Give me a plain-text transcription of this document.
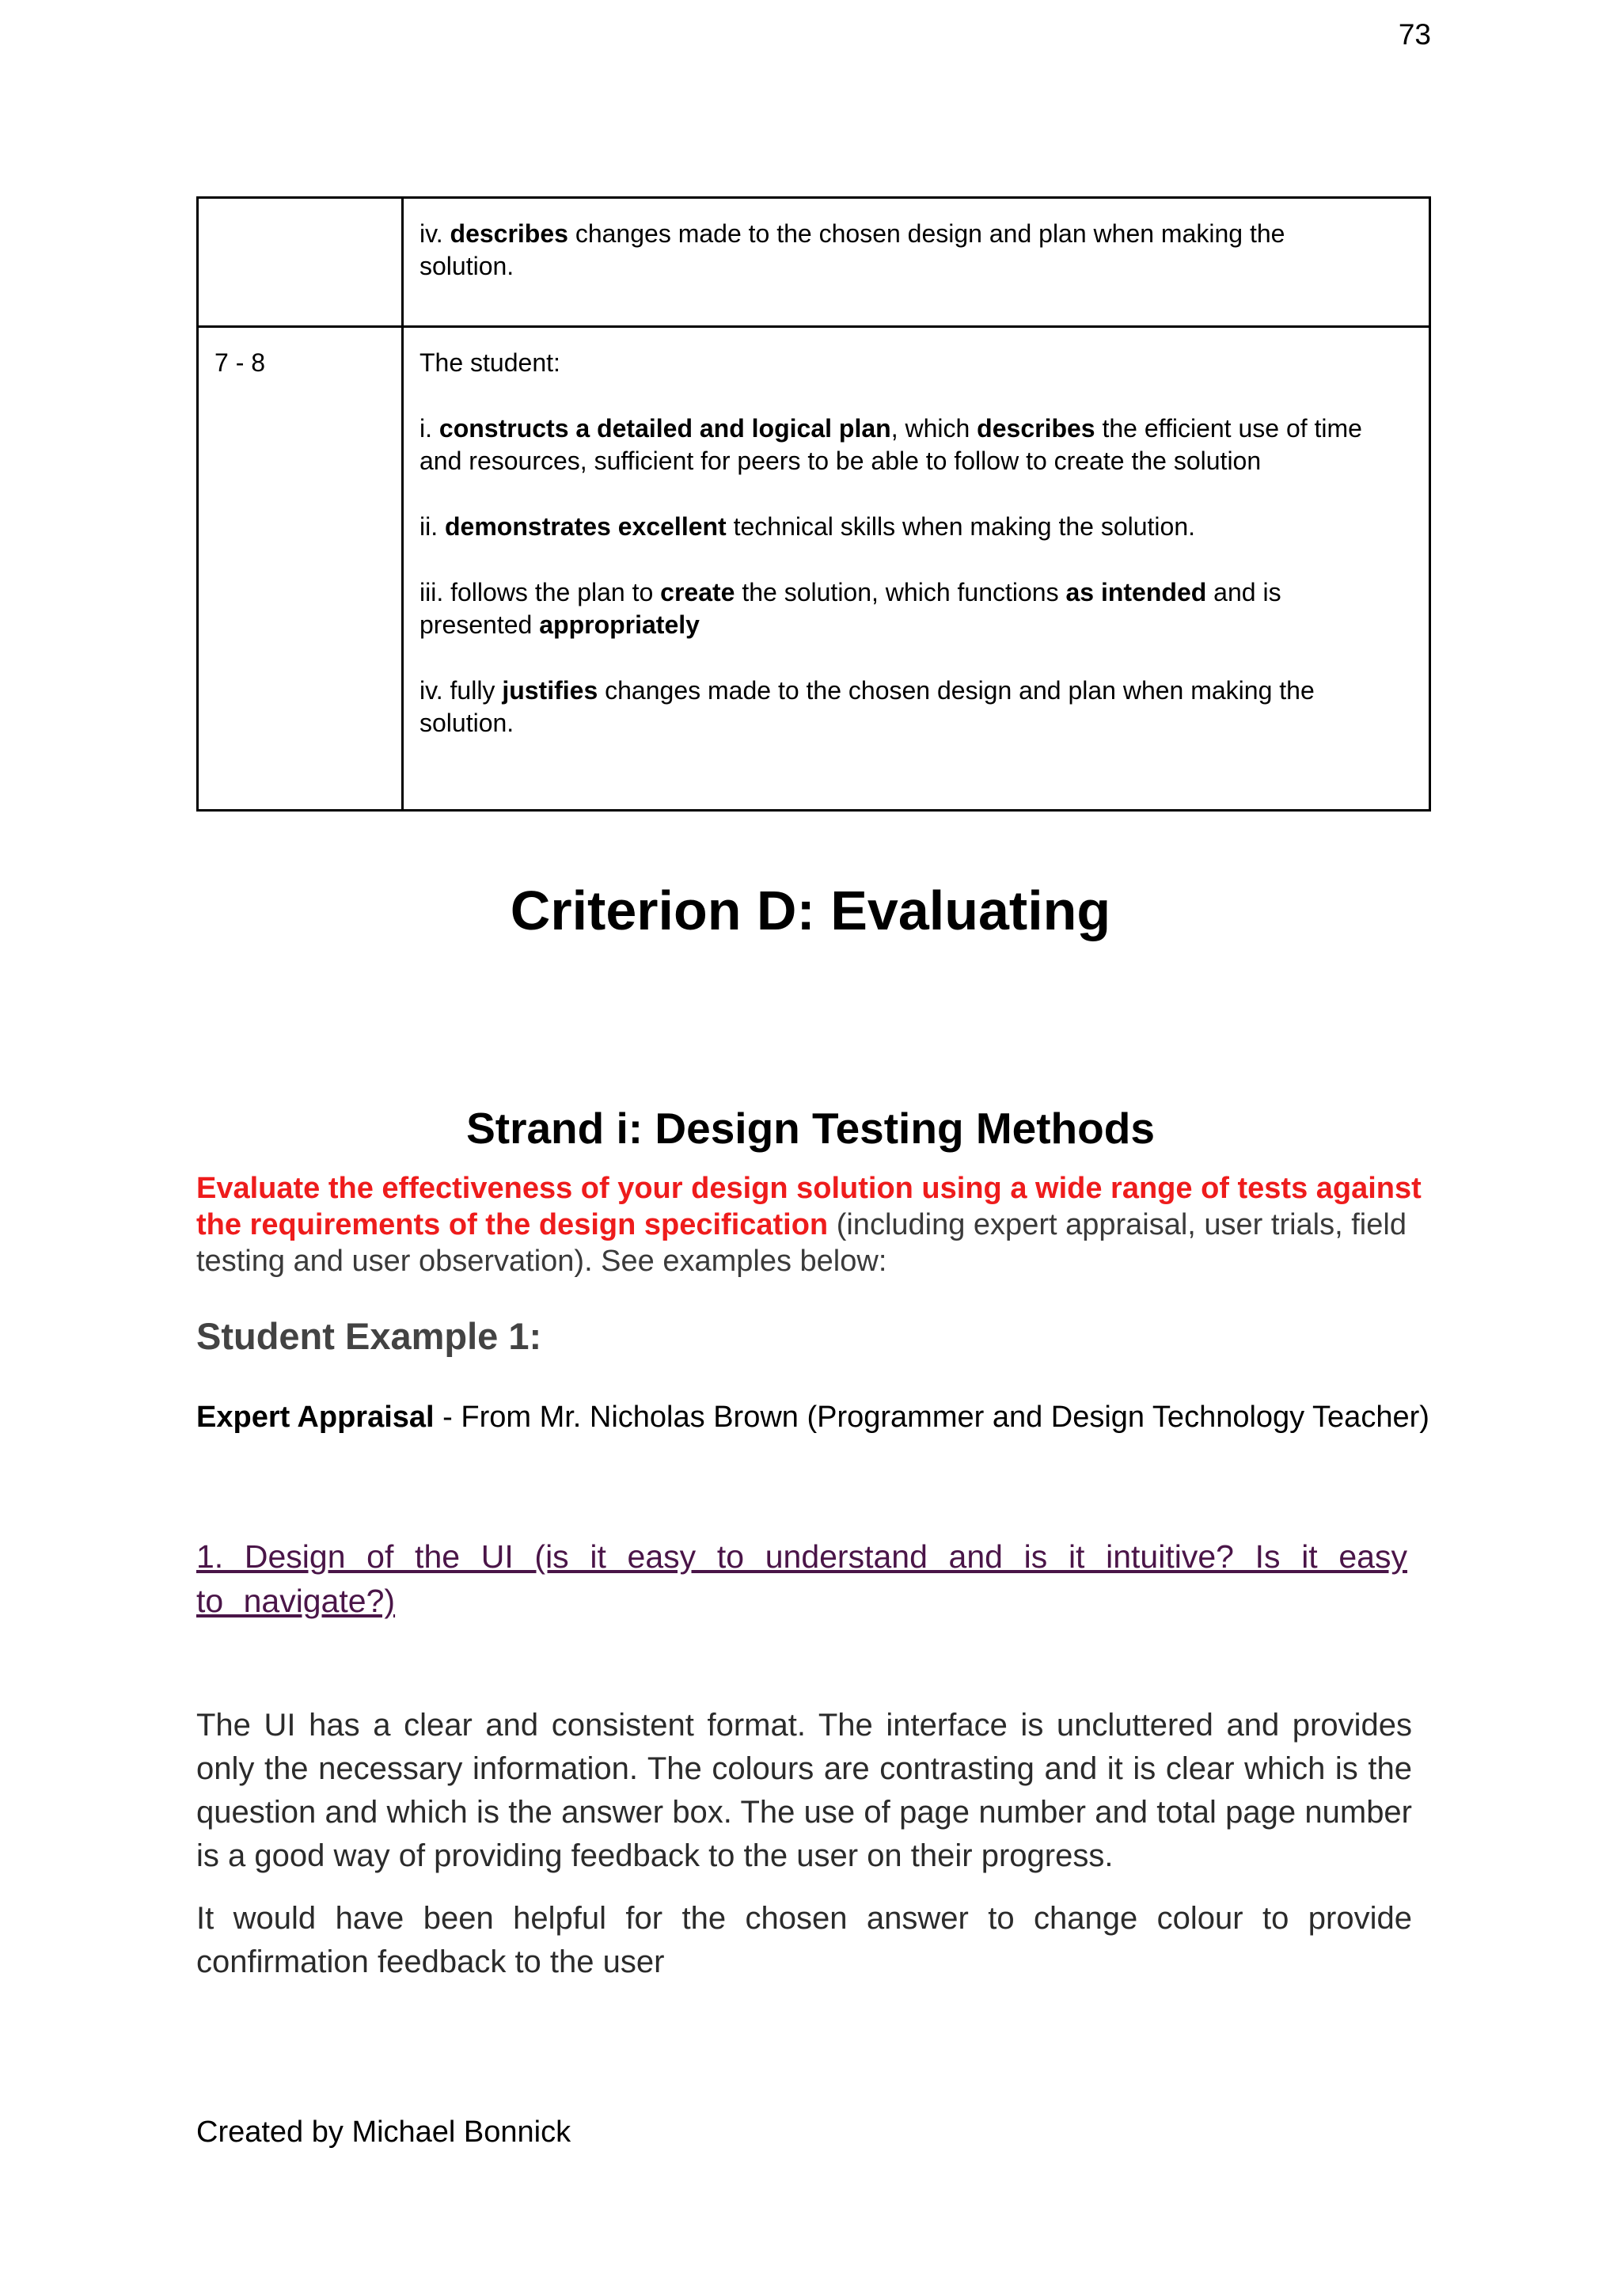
73

	iv. describes changes made to the chosen design and plan when making the solution.

7 - 8	The student:

i. constructs a detailed and logical plan, which describes the efficient use of time and resources, sufficient for peers to be able to follow to create the solution

ii. demonstrates excellent technical skills when making the solution.

iii. follows the plan to create the solution, which functions as intended and is presented appropriately

iv. fully justifies changes made to the chosen design and plan when making the solution.

Criterion D: Evaluating
Strand i: Design Testing Methods

Evaluate the effectiveness of your design solution using a wide range of tests against the requirements of the design specification (including expert appraisal, user trials, field testing and user observation). See examples below:

Student Example 1:

Expert Appraisal - From Mr. Nicholas Brown (Programmer and Design Technology Teacher)

1. Design of the UI (is it easy to understand and is it intuitive? Is it easy to navigate?)

The UI has a clear and consistent format. The interface is uncluttered and provides only the necessary information. The colours are contrasting and it is clear which is the question and which is the answer box. The use of page number and total page number is a good way of providing feedback to the user on their progress.

It would have been helpful for the chosen answer to change colour to provide confirmation feedback to the user

Created by Michael Bonnick
